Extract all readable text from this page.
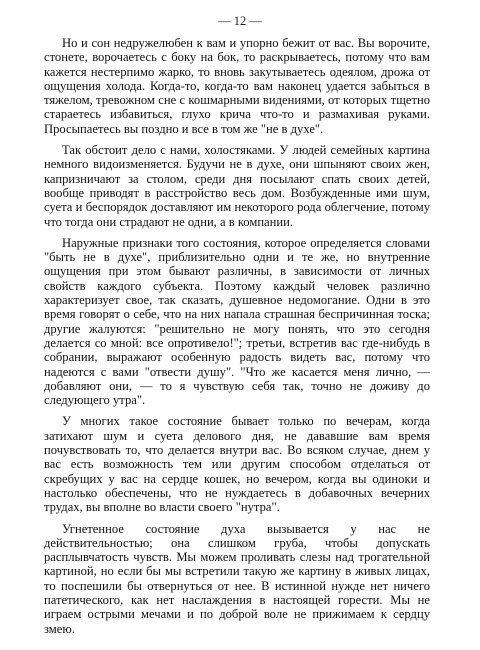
— 12 —

Но и сон недружелюбен к вам и упорно бежит от вас. Вы ворочите, стонете, ворочаетесь с боку на бок, то раскрываетесь, потому что вам кажется нестерпимо жарко, то вновь закутываетесь одеялом, дрожа от ощущения холода. Когда-то, когда-то вам наконец удается забыться в тяжелом, тревожном сне с кошмарными видениями, от которых тщетно стараетесь избавиться, глухо крича что-то и размахивая руками. Просыпаетесь вы поздно и все в том же "не в духе".

Так обстоит дело с нами, холостяками. У людей семейных картина немного видоизменяется. Будучи не в духе, они шпыняют своих жен, капризничают за столом, среди дня посылают спать своих детей, вообще приводят в расстройство весь дом. Возбужденные ими шум, суета и беспорядок доставляют им некоторого рода облегчение, потому что тогда они страдают не одни, а в компании.

Наружные признаки того состояния, которое определяется словами "быть не в духе", приблизительно одни и те же, но внутренние ощущения при этом бывают различны, в зависимости от личных свойств каждого субъекта. Поэтому каждый человек различно характеризует свое, так сказать, душевное недомогание. Одни в это время говорят о себе, что на них напала страшная беспричинная тоска; другие жалуются: "решительно не могу понять, что это сегодня делается со мной: все опротивело!"; третьи, встретив вас где-нибудь в собрании, выражают особенную радость видеть вас, потому что надеются с вами "отвести душу". "Что же касается меня лично, — добавляют они, — то я чувствую себя так, точно не доживу до следующего утра".

У многих такое состояние бывает только по вечерам, когда затихают шум и суета делового дня, не дававшие вам время почувствовать то, что делается внутри вас. Во всяком случае, днем у вас есть возможность тем или другим способом отделаться от скребущих у вас на сердце кошек, но вечером, когда вы одиноки и настолько обеспечены, что не нуждаетесь в добавочных вечерних трудах, вы вполне во власти своего "нутра".

Угнетенное состояние духа вызывается у нас не действительностью; она слишком груба, чтобы допускать расплывчатость чувств. Мы можем проливать слезы над трогательной картиной, но если бы мы встретили такую же картину в живых лицах, то поспешили бы отвернуться от нее. В истинной нужде нет ничего патетического, как нет наслаждения в настоящей горести. Мы не играем острыми мечами и по доброй воле не прижимаем к сердцу змею.
